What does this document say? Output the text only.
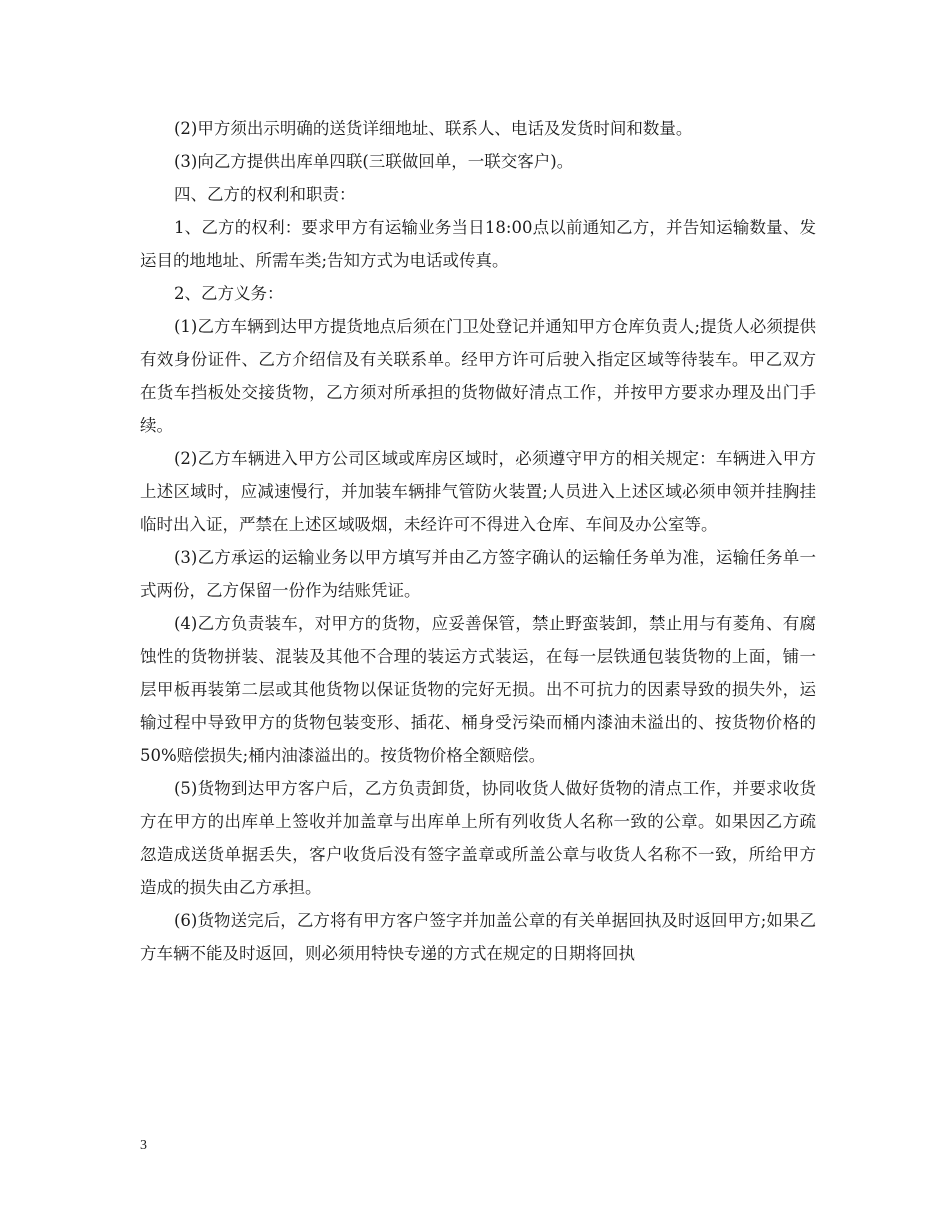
(2)甲方须出示明确的送货详细地址、联系人、电话及发货时间和数量。

(3)向乙方提供出库单四联(三联做回单，一联交客户)。

四、乙方的权利和职责：

1、乙方的权利：要求甲方有运输业务当日18:00点以前通知乙方，并告知运输数量、发运目的地地址、所需车类;告知方式为电话或传真。

2、乙方义务：

(1)乙方车辆到达甲方提货地点后须在门卫处登记并通知甲方仓库负责人;提货人必须提供有效身份证件、乙方介绍信及有关联系单。经甲方许可后驶入指定区域等待装车。甲乙双方在货车挡板处交接货物，乙方须对所承担的货物做好清点工作，并按甲方要求办理及出门手续。

(2)乙方车辆进入甲方公司区域或库房区域时，必须遵守甲方的相关规定：车辆进入甲方上述区域时，应减速慢行，并加装车辆排气管防火装置;人员进入上述区域必须申领并挂胸挂临时出入证，严禁在上述区域吸烟，未经许可不得进入仓库、车间及办公室等。

(3)乙方承运的运输业务以甲方填写并由乙方签字确认的运输任务单为准，运输任务单一式两份，乙方保留一份作为结账凭证。

(4)乙方负责装车，对甲方的货物，应妥善保管，禁止野蛮装卸，禁止用与有菱角、有腐蚀性的货物拼装、混装及其他不合理的装运方式装运，在每一层铁通包装货物的上面，铺一层甲板再装第二层或其他货物以保证货物的完好无损。出不可抗力的因素导致的损失外，运输过程中导致甲方的货物包装变形、插花、桶身受污染而桶内漆油未溢出的、按货物价格的50%赔偿损失;桶内油漆溢出的。按货物价格全额赔偿。

(5)货物到达甲方客户后，乙方负责卸货，协同收货人做好货物的清点工作，并要求收货方在甲方的出库单上签收并加盖章与出库单上所有列收货人名称一致的公章。如果因乙方疏忽造成送货单据丢失，客户收货后没有签字盖章或所盖公章与收货人名称不一致，所给甲方造成的损失由乙方承担。

(6)货物送完后，乙方将有甲方客户签字并加盖公章的有关单据回执及时返回甲方;如果乙方车辆不能及时返回，则必须用特快专递的方式在规定的日期将回执

3
